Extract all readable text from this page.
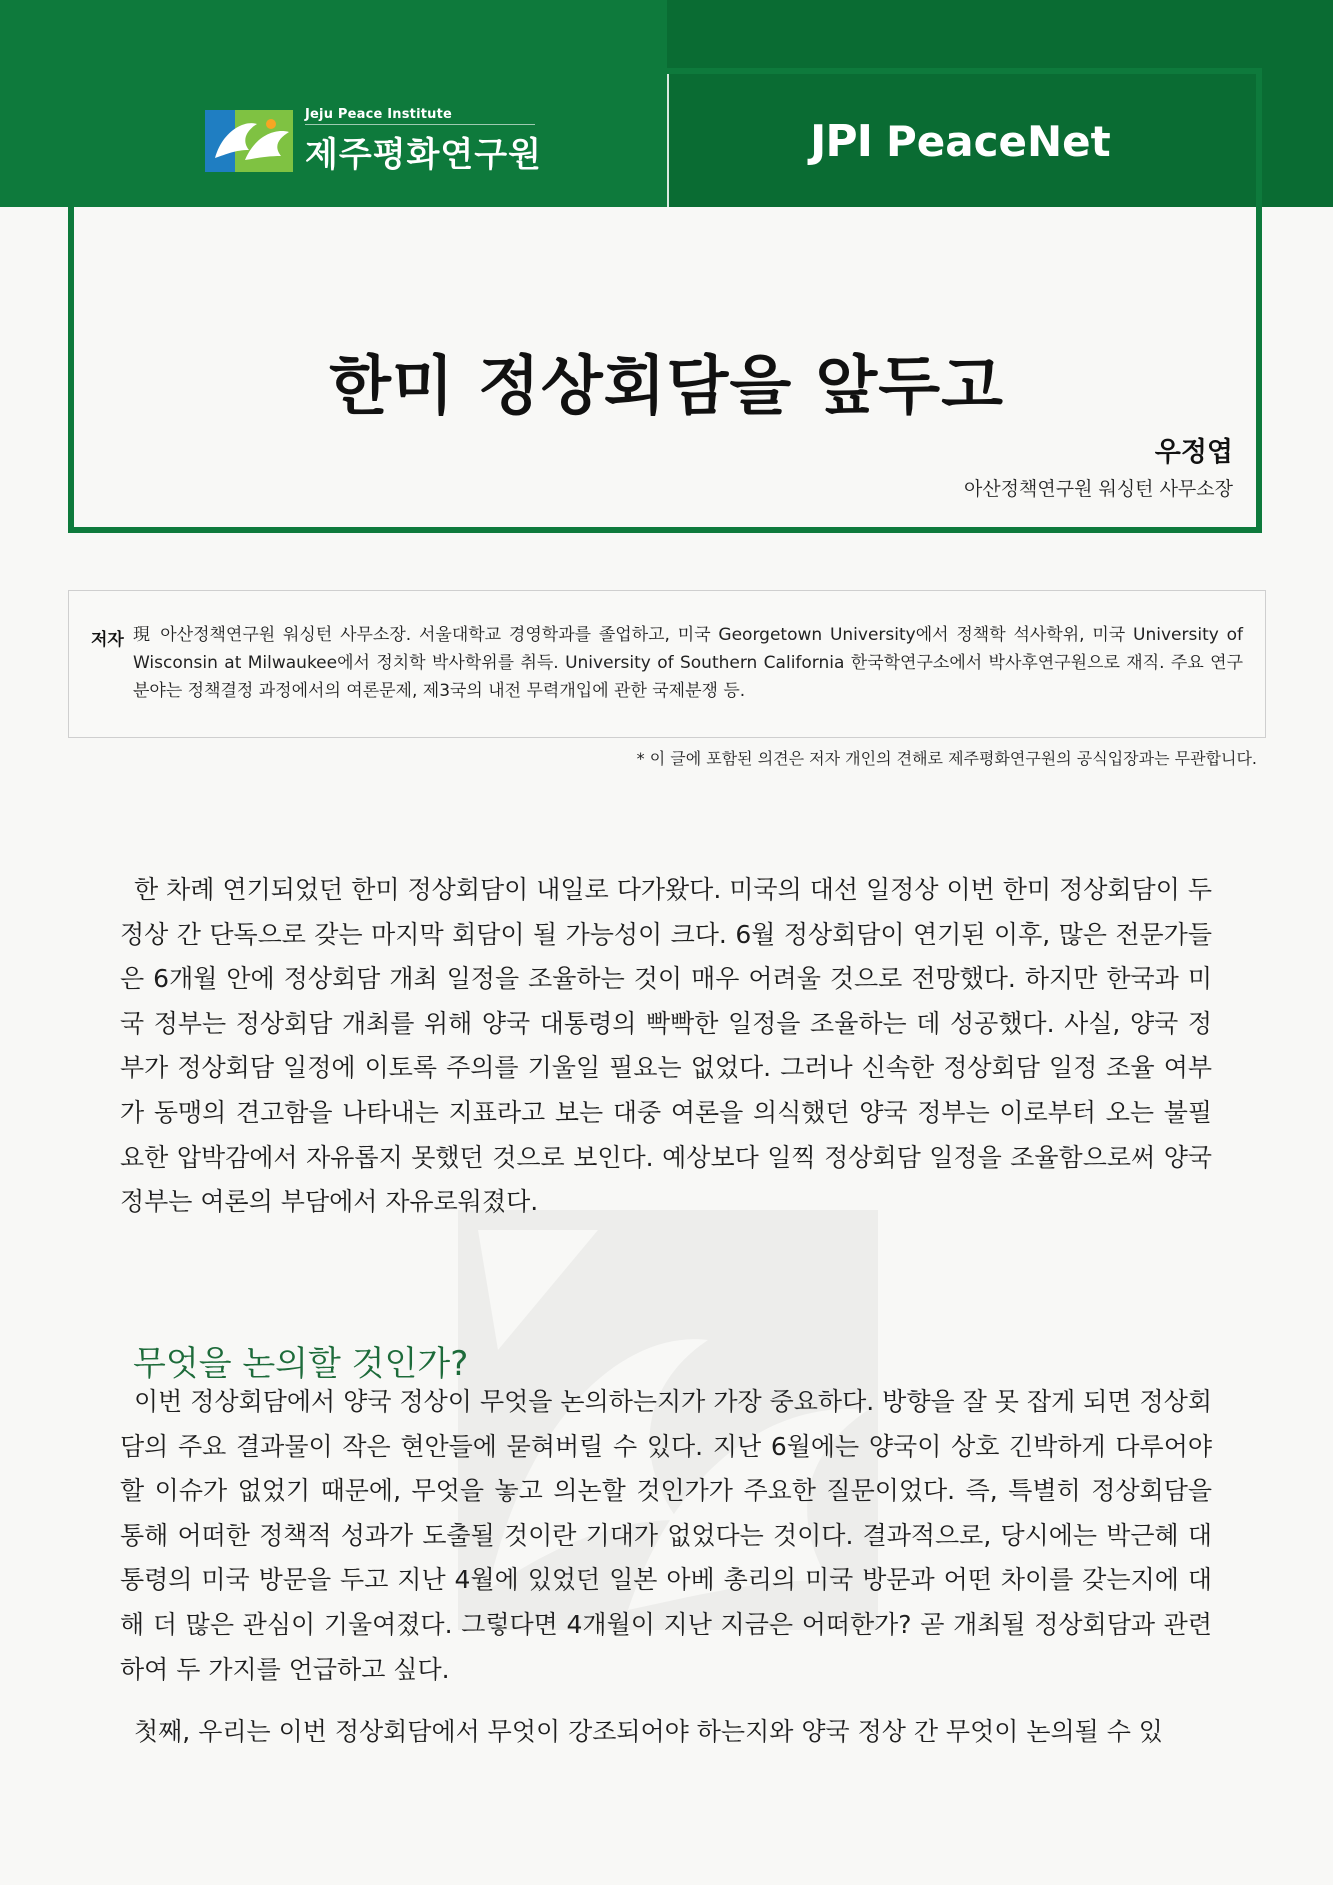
Jeju Peace Institute
제주평화연구원	JPI PeaceNet
한미 정상회담을 앞두고
우정엽
아산정책연구원 워싱턴 사무소장
저자 現 아산정책연구원 워싱턴 사무소장. 서울대학교 경영학과를 졸업하고, 미국 Georgetown University에서 정책학 석사학위, 미국 University of Wisconsin at Milwaukee에서 정치학 박사학위를 취득. University of Southern California 한국학연구소에서 박사후연구원으로 재직. 주요 연구분야는 정책결정 과정에서의 여론문제, 제3국의 내전 무력개입에 관한 국제분쟁 등.
* 이 글에 포함된 의견은 저자 개인의 견해로 제주평화연구원의 공식입장과는 무관합니다.

한 차례 연기되었던 한미 정상회담이 내일로 다가왔다. 미국의 대선 일정상 이번 한미 정상회담이 두 정상 간 단독으로 갖는 마지막 회담이 될 가능성이 크다. 6월 정상회담이 연기된 이후, 많은 전문가들은 6개월 안에 정상회담 개최 일정을 조율하는 것이 매우 어려울 것으로 전망했다. 하지만 한국과 미국 정부는 정상회담 개최를 위해 양국 대통령의 빡빡한 일정을 조율하는 데 성공했다. 사실, 양국 정부가 정상회담 일정에 이토록 주의를 기울일 필요는 없었다. 그러나 신속한 정상회담 일정 조율 여부가 동맹의 견고함을 나타내는 지표라고 보는 대중 여론을 의식했던 양국 정부는 이로부터 오는 불필요한 압박감에서 자유롭지 못했던 것으로 보인다. 예상보다 일찍 정상회담 일정을 조율함으로써 양국 정부는 여론의 부담에서 자유로워졌다.

무엇을 논의할 것인가?

이번 정상회담에서 양국 정상이 무엇을 논의하는지가 가장 중요하다. 방향을 잘 못 잡게 되면 정상회담의 주요 결과물이 작은 현안들에 묻혀버릴 수 있다. 지난 6월에는 양국이 상호 긴박하게 다루어야 할 이슈가 없었기 때문에, 무엇을 놓고 의논할 것인가가 주요한 질문이었다. 즉, 특별히 정상회담을 통해 어떠한 정책적 성과가 도출될 것이란 기대가 없었다는 것이다. 결과적으로, 당시에는 박근혜 대통령의 미국 방문을 두고 지난 4월에 있었던 일본 아베 총리의 미국 방문과 어떤 차이를 갖는지에 대해 더 많은 관심이 기울여졌다. 그렇다면 4개월이 지난 지금은 어떠한가? 곧 개최될 정상회담과 관련하여 두 가지를 언급하고 싶다.

첫째, 우리는 이번 정상회담에서 무엇이 강조되어야 하는지와 양국 정상 간 무엇이 논의될 수 있
